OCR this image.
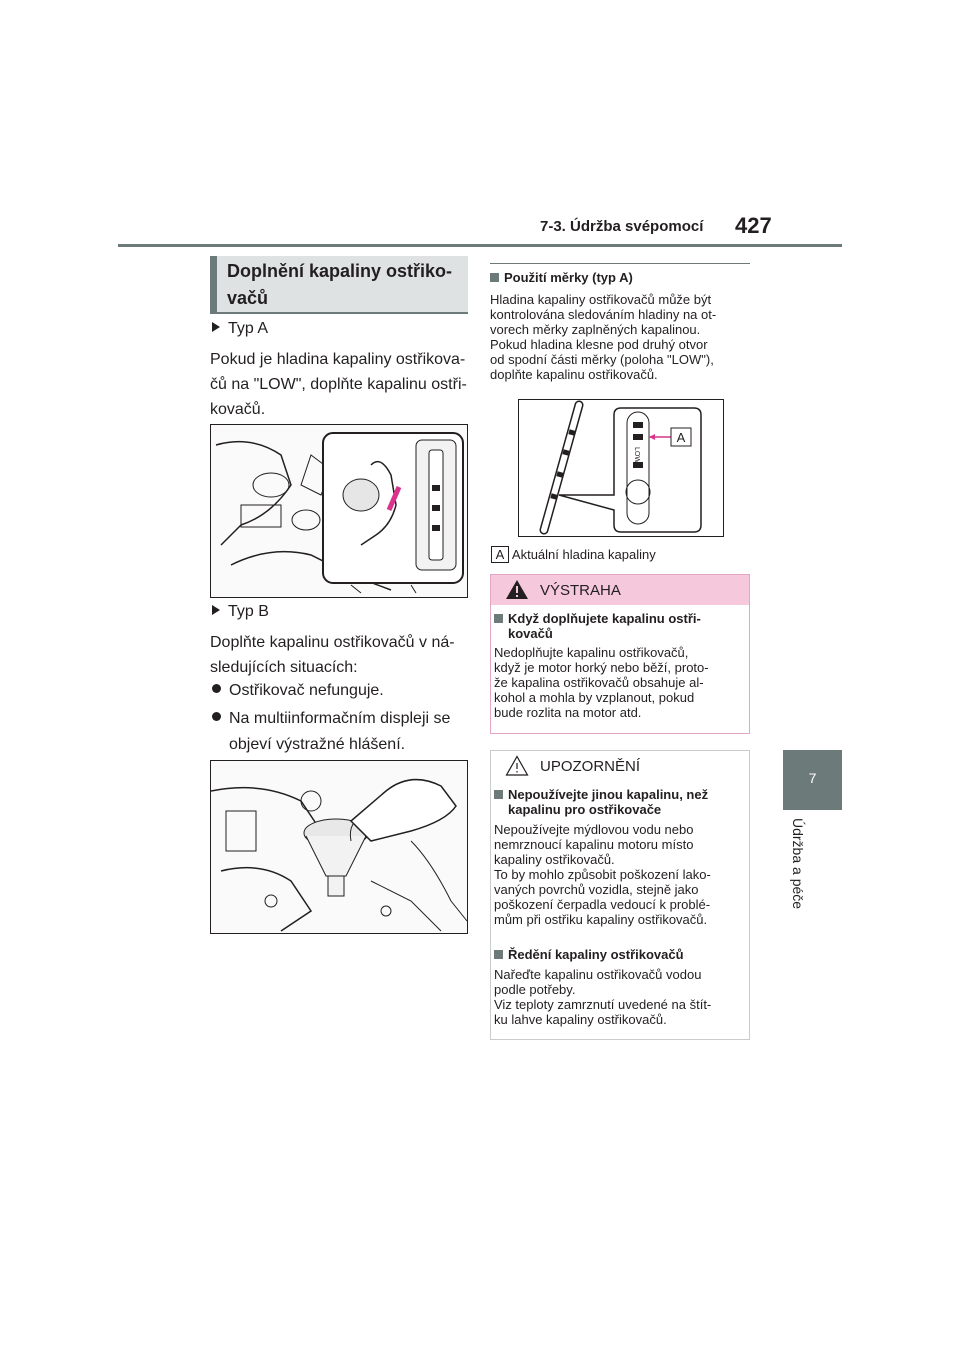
7-3. Údržba svépomocí 427
7
Údržba a péče
Doplnění kapaliny ostřiko-
vačů
Typ A
Pokud je hladina kapaliny ostřikova-
čů na "LOW", doplňte kapalinu ostři-
kovačů.
Typ B
Doplňte kapalinu ostřikovačů v ná-
sledujících situacích:
Ostřikovač nefunguje.
Na multiinformačním displeji se
objeví výstražné hlášení.
Použití měrky (typ A)
Hladina kapaliny ostřikovačů může být
kontrolována sledováním hladiny na ot-
vorech měrky zaplněných kapalinou.
Pokud hladina klesne pod druhý otvor
od spodní části měrky (poloha "LOW"),
doplňte kapalinu ostřikovačů.
LOW
A
A Aktuální hladina kapaliny
VÝSTRAHA
Když doplňujete kapalinu ostři-
kovačů
Nedoplňujte kapalinu ostřikovačů,
když je motor horký nebo běží, proto-
že kapalina ostřikovačů obsahuje al-
kohol a mohla by vzplanout, pokud
bude rozlita na motor atd.
UPOZORNĚNÍ
Nepoužívejte jinou kapalinu, než
kapalinu pro ostřikovače
Nepoužívejte mýdlovou vodu nebo
nemrznoucí kapalinu motoru místo
kapaliny ostřikovačů.
To by mohlo způsobit poškození lako-
vaných povrchů vozidla, stejně jako
poškození čerpadla vedoucí k problé-
mům při ostřiku kapaliny ostřikovačů.
Ředění kapaliny ostřikovačů
Nařeďte kapalinu ostřikovačů vodou
podle potřeby.
Viz teploty zamrznutí uvedené na štít-
ku lahve kapaliny ostřikovačů.
